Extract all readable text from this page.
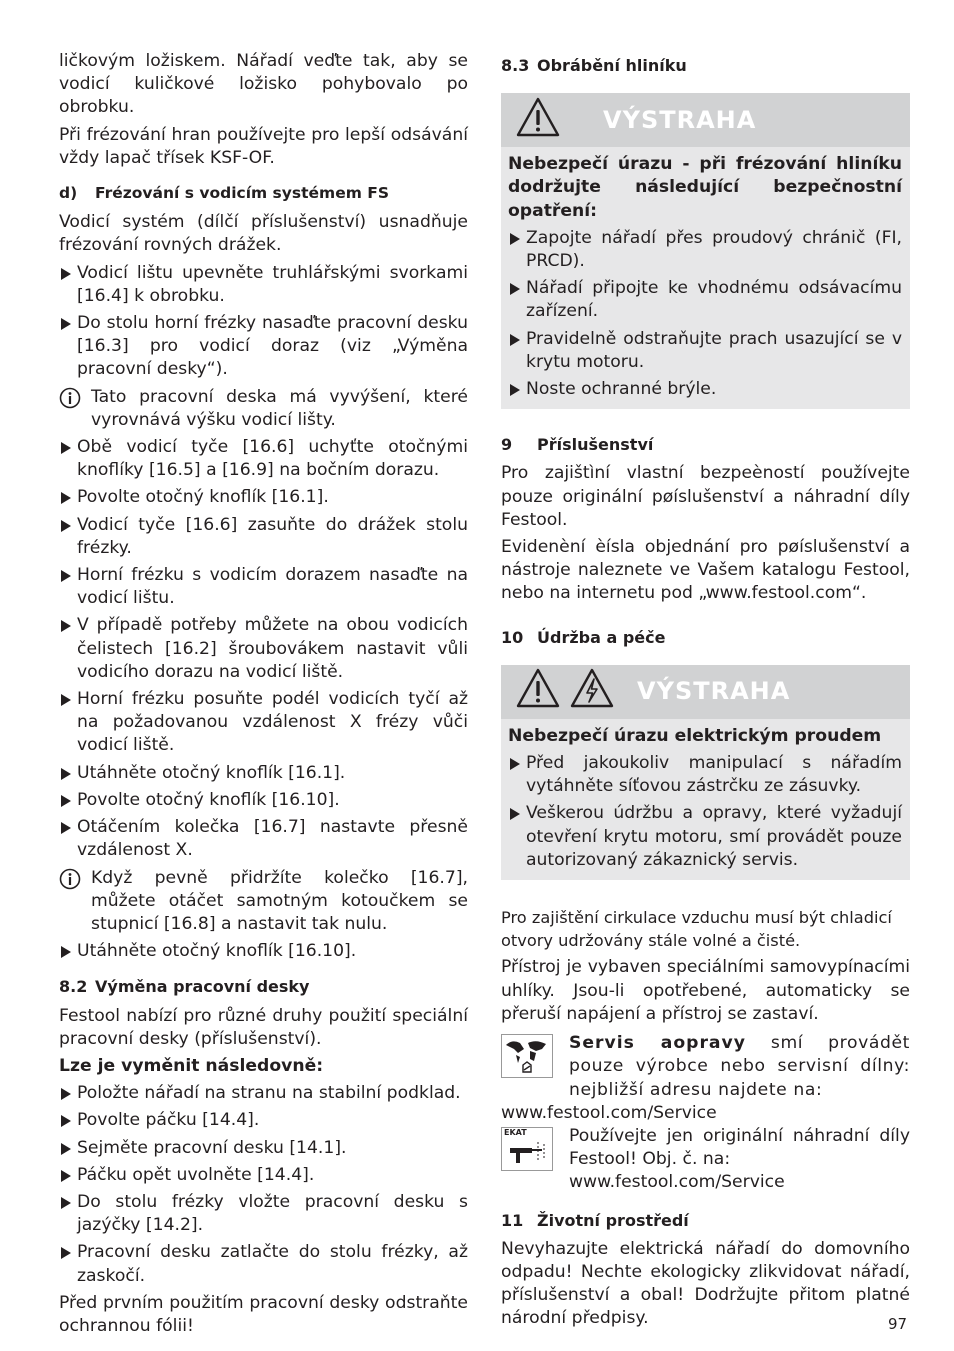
ličkovým ložiskem. Nářadí veďte tak, aby se vodicí kuličkové ložisko pohybovalo po obrobku.

Při frézování hran používejte pro lepší odsávání vždy lapač třísek KSF-OF.

d)	Frézování s vodicím systémem FS

Vodicí systém (dílčí příslušenství) usnadňuje frézování rovných drážek.

Vodicí lištu upevněte truhlářskými svorkami [16.4] k obrobku.
Do stolu horní frézky nasaďte pracovní desku [16.3] pro vodicí doraz (viz „Výměna pracovní desky“).
Tato pracovní deska má vyvýšení, které vyrovnává výšku vodicí lišty.
Obě vodicí tyče [16.6] uchyťte otočnými knoflíky [16.5] a [16.9] na bočním dorazu.
Povolte otočný knoflík [16.1].
Vodicí tyče [16.6] zasuňte do drážek stolu frézky.
Horní frézku s vodicím dorazem nasaďte na vodicí lištu.
V případě potřeby můžete na obou vodicích čelistech [16.2] šroubovákem nastavit vůli vodicího dorazu na vodicí liště.
Horní frézku posuňte podél vodicích tyčí až na požadovanou vzdálenost X frézy vůči vodicí liště.
Utáhněte otočný knoflík [16.1].
Povolte otočný knoflík [16.10].
Otáčením kolečka [16.7] nastavte přesně vzdálenost X.
Když pevně přidržíte kolečko [16.7], můžete otáčet samotným kotoučkem se stupnicí [16.8] a nastavit tak nulu.
Utáhněte otočný knoflík [16.10].
8.2 Výměna pracovní desky

Festool nabízí pro různé druhy použití speciální pracovní desky (příslušenství).

Lze je vyměnit následovně:
Položte nářadí na stranu na stabilní podklad.
Povolte páčku [14.4].
Sejměte pracovní desku [14.1].
Páčku opět uvolněte [14.4].
Do stolu frézky vložte pracovní desku s jazýčky [14.2].
Pracovní desku zatlačte do stolu frézky, až zaskočí.

Před prvním použitím pracovní desky odstraňte ochrannou fólii!

8.3 Obrábění hliníku
VÝSTRAHA
Nebezpečí úrazu - při frézování hliníku dodržujte následující bezpečnostní opatření:
Zapojte nářadí přes proudový chránič (FI, PRCD).
Nářadí připojte ke vhodnému odsávacímu zařízení.
Pravidelně odstraňujte prach usazující se v krytu motoru.
Noste ochranné brýle.
9	Příslušenství

Pro zajištìní vlastní bezpeèností používejte pouze originální pøíslušenství a náhradní díly Festool.

Evidenèní èísla objednání pro pøíslušenství a nástroje naleznete ve Vašem katalogu Festool, nebo na internetu pod „www.festool.com“.

10 Údržba a péče
VÝSTRAHA
Nebezpečí úrazu elektrickým proudem
Před jakoukoliv manipulací s nářadím vytáhněte síťovou zástrčku ze zásuvky.
Veškerou údržbu a opravy, které vyžadují otevření krytu motoru, smí provádět pouze autorizovaný zákaznický servis.

Pro zajištění cirkulace vzduchu musí být chladicí otvory udržovány stále volné a čisté.

Přístroj je vybaven speciálními samovypínacími uhlíky. Jsou-li opotřebené, automaticky se přeruší napájení a přístroj se zastaví.

Servis aopravy smí provádět pouze výrobce nebo servisní dílny: nejbližší adresu najdete na:
www.festool.com/Service
EKAT Používejte jen originální náhradní díly Festool! Obj. č. na:
www.festool.com/Service
11 Životní prostředí

Nevyhazujte elektrická nářadí do domovního odpadu! Nechte ekologicky zlikvidovat nářadí, příslušenství a obal! Dodržujte přitom platné národní předpisy.	97
